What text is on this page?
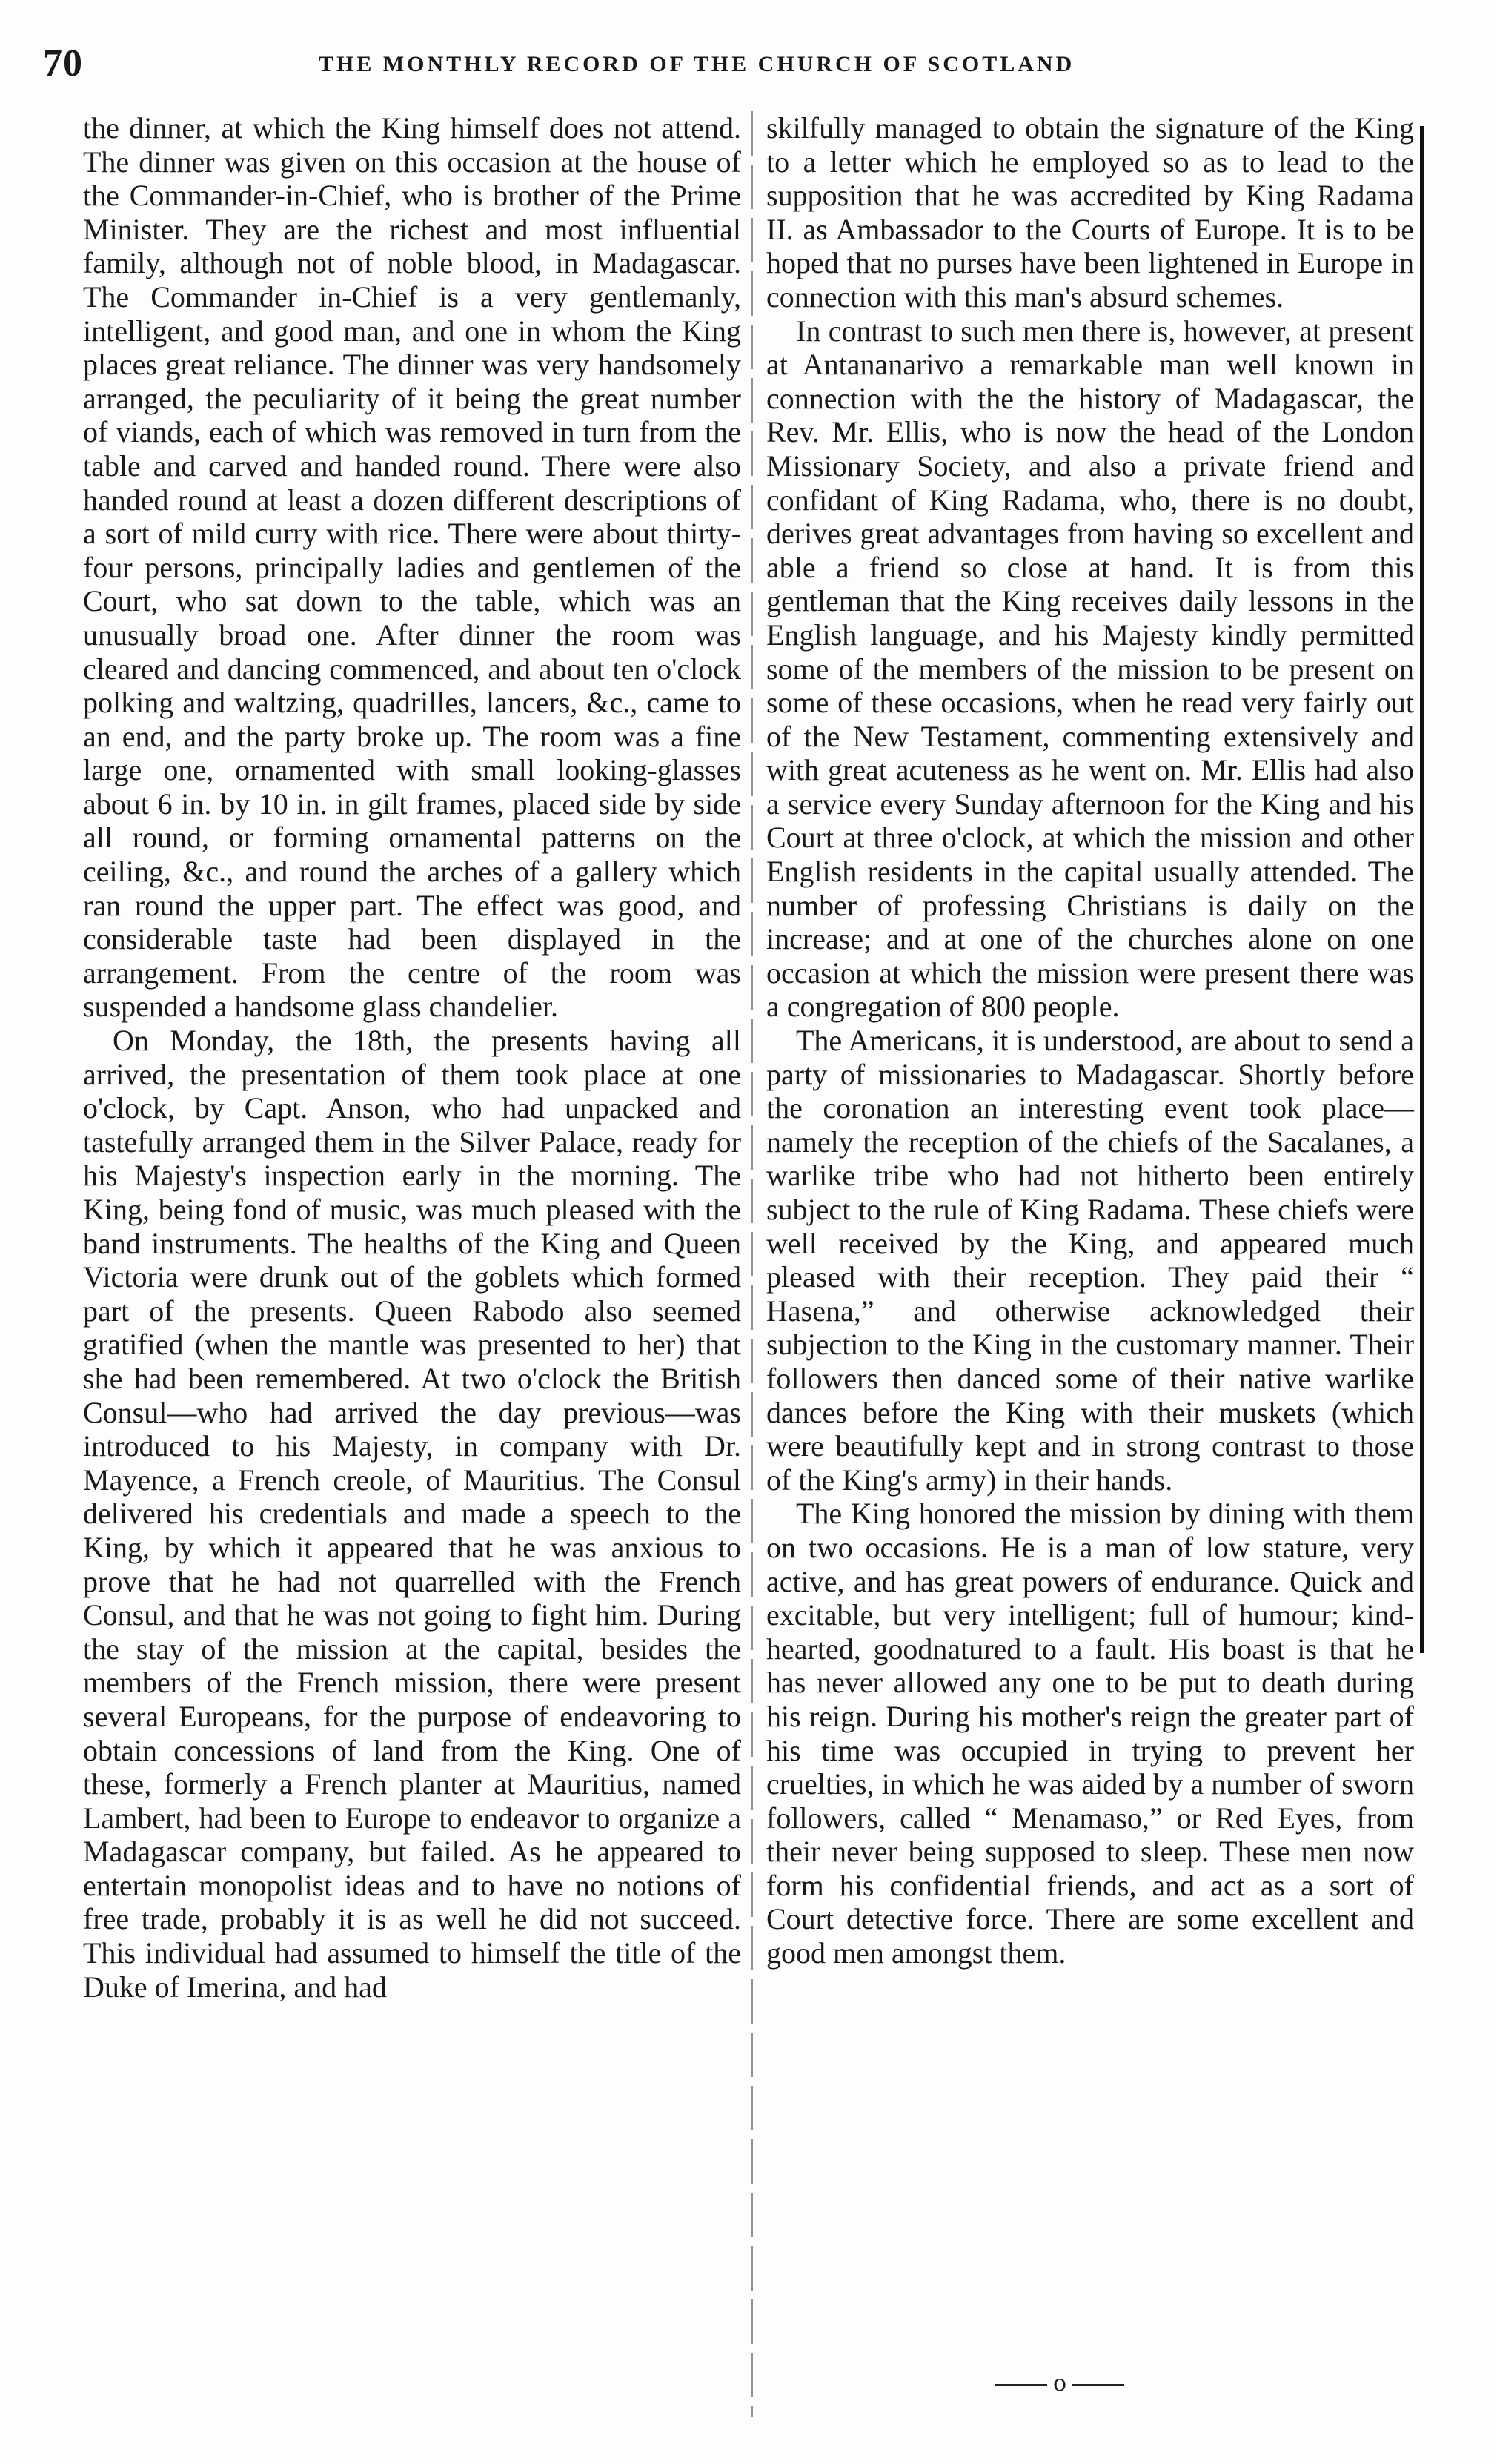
70	THE MONTHLY RECORD OF THE CHURCH OF SCOTLAND

the dinner, at which the King himself does not attend. The dinner was given on this occasion at the house of the Commander-in-Chief, who is brother of the Prime Minister. They are the richest and most influential family, although not of noble blood, in Madagascar. The Commander in-Chief is a very gentlemanly, intelligent, and good man, and one in whom the King places great reliance. The dinner was very handsomely arranged, the peculiarity of it being the great number of viands, each of which was removed in turn from the table and carved and handed round. There were also handed round at least a dozen different descriptions of a sort of mild curry with rice. There were about thirty-four persons, principally ladies and gentlemen of the Court, who sat down to the table, which was an unusually broad one. After dinner the room was cleared and dancing commenced, and about ten o'clock polking and waltzing, quadrilles, lancers, &c., came to an end, and the party broke up. The room was a fine large one, ornamented with small looking-glasses about 6 in. by 10 in. in gilt frames, placed side by side all round, or forming ornamental patterns on the ceiling, &c., and round the arches of a gallery which ran round the upper part. The effect was good, and considerable taste had been displayed in the arrangement. From the centre of the room was suspended a handsome glass chandelier.

On Monday, the 18th, the presents having all arrived, the presentation of them took place at one o'clock, by Capt. Anson, who had unpacked and tastefully arranged them in the Silver Palace, ready for his Majesty's inspection early in the morning. The King, being fond of music, was much pleased with the band instruments. The healths of the King and Queen Victoria were drunk out of the goblets which formed part of the presents. Queen Rabodo also seemed gratified (when the mantle was presented to her) that she had been remembered. At two o'clock the British Consul—who had arrived the day previous—was introduced to his Majesty, in company with Dr. Mayence, a French creole, of Mauritius. The Consul delivered his credentials and made a speech to the King, by which it appeared that he was anxious to prove that he had not quarrelled with the French Consul, and that he was not going to fight him. During the stay of the mission at the capital, besides the members of the French mission, there were present several Europeans, for the purpose of endeavoring to obtain concessions of land from the King. One of these, formerly a French planter at Mauritius, named Lambert, had been to Europe to endeavor to organize a Madagascar company, but failed. As he appeared to entertain monopolist ideas and to have no notions of free trade, probably it is as well he did not succeed. This individual had assumed to himself the title of the Duke of Imerina, and had

skilfully managed to obtain the signature of the King to a letter which he employed so as to lead to the supposition that he was accredited by King Radama II. as Ambassador to the Courts of Europe. It is to be hoped that no purses have been lightened in Europe in connection with this man's absurd schemes.

In contrast to such men there is, however, at present at Antananarivo a remarkable man well known in connection with the the history of Madagascar, the Rev. Mr. Ellis, who is now the head of the London Missionary Society, and also a private friend and confidant of King Radama, who, there is no doubt, derives great advantages from having so excellent and able a friend so close at hand. It is from this gentleman that the King receives daily lessons in the English language, and his Majesty kindly permitted some of the members of the mission to be present on some of these occasions, when he read very fairly out of the New Testament, commenting extensively and with great acuteness as he went on. Mr. Ellis had also a service every Sunday afternoon for the King and his Court at three o'clock, at which the mission and other English residents in the capital usually attended. The number of professing Christians is daily on the increase; and at one of the churches alone on one occasion at which the mission were present there was a congregation of 800 people.

The Americans, it is understood, are about to send a party of missionaries to Madagascar. Shortly before the coronation an interesting event took place—namely the reception of the chiefs of the Sacalanes, a warlike tribe who had not hitherto been entirely subject to the rule of King Radama. These chiefs were well received by the King, and appeared much pleased with their reception. They paid their “ Hasena,” and otherwise acknowledged their subjection to the King in the customary manner. Their followers then danced some of their native warlike dances before the King with their muskets (which were beautifully kept and in strong contrast to those of the King's army) in their hands.

The King honored the mission by dining with them on two occasions. He is a man of low stature, very active, and has great powers of endurance. Quick and excitable, but very intelligent; full of humour; kind-hearted, goodnatured to a fault. His boast is that he has never allowed any one to be put to death during his reign. During his mother's reign the greater part of his time was occupied in trying to prevent her cruelties, in which he was aided by a number of sworn followers, called “ Menamaso,” or Red Eyes, from their never being supposed to sleep. These men now form his confidential friends, and act as a sort of Court detective force. There are some excellent and good men amongst them.

o
